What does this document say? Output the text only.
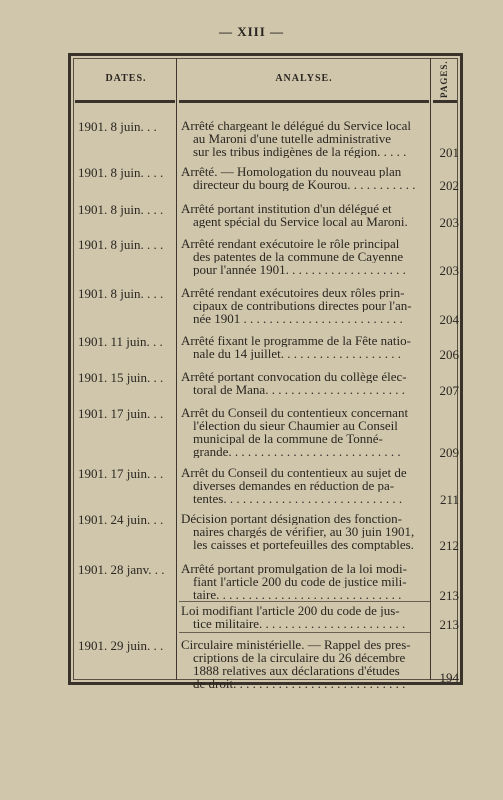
— XIII —
DATES.	ANALYSE.	PAGES.
1901. 8 juin. . . Arrêté chargeant le délégué du Service local
au Maroni d'une tutelle administrative
sur les tribus indigènes de la région. . . . .	201
1901. 8 juin. . . . Arrêté. — Homologation du nouveau plan
directeur du bourg de Kourou. . . . . . . . . . .	202
1901. 8 juin. . . . Arrêté portant institution d'un délégué et
agent spécial du Service local au Maroni.	203
1901. 8 juin. . . . Arrêté rendant exécutoire le rôle principal
des patentes de la commune de Cayenne
pour l'année 1901. . . . . . . . . . . . . . . . . . .	203
1901. 8 juin. . . . Arrêté rendant exécutoires deux rôles prin-
cipaux de contributions directes pour l'an-
née 1901 . . . . . . . . . . . . . . . . . . . . . . . . .	204
1901. 11 juin. . . Arrêté fixant le programme de la Fête natio-
nale du 14 juillet. . . . . . . . . . . . . . . . . . .	206
1901. 15 juin. . . Arrêté portant convocation du collège élec-
toral de Mana. . . . . . . . . . . . . . . . . . . . . .	207
1901. 17 juin. . . Arrêt du Conseil du contentieux concernant
l'élection du sieur Chaumier au Conseil
municipal de la commune de Tonné-
grande. . . . . . . . . . . . . . . . . . . . . . . . . . .	209
1901. 17 juin. . . Arrêt du Conseil du contentieux au sujet de
diverses demandes en réduction de pa-
tentes. . . . . . . . . . . . . . . . . . . . . . . . . . . .	211
1901. 24 juin. . . Décision portant désignation des fonction-
naires chargés de vérifier, au 30 juin 1901,
les caisses et portefeuilles des comptables.	212
1901. 28 janv. . . Arrêté portant promulgation de la loi modi-
fiant l'article 200 du code de justice mili-
taire. . . . . . . . . . . . . . . . . . . . . . . . . . . . .	213
Loi modifiant l'article 200 du code de jus-
tice militaire. . . . . . . . . . . . . . . . . . . . . . .	213
1901. 29 juin. . . Circulaire ministérielle. — Rappel des pres-
criptions de la circulaire du 26 décembre
1888 relatives aux déclarations d'études
de droit. . . . . . . . . . . . . . . . . . . . . . . . . . .	194
